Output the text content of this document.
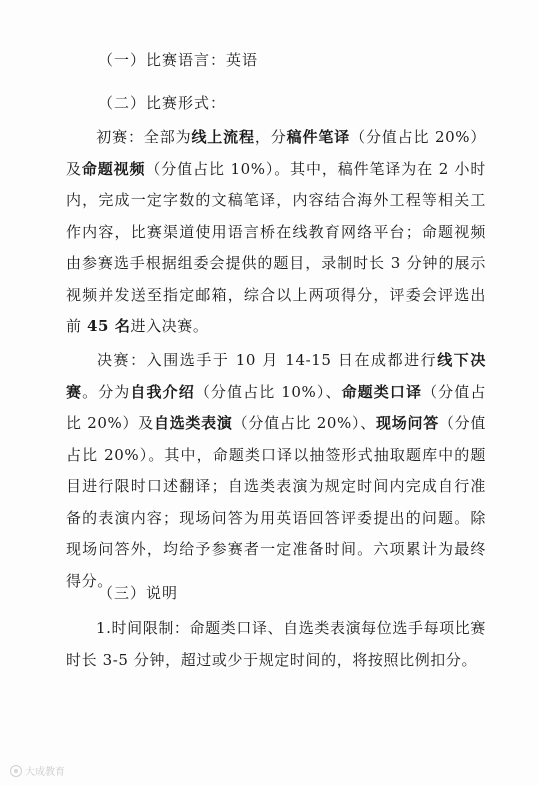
（一）比赛语言：英语
（二）比赛形式：

初赛：全部为线上流程，分稿件笔译（分值占比 20%）及命题视频（分值占比 10%）。其中，稿件笔译为在 2 小时内，完成一定字数的文稿笔译，内容结合海外工程等相关工作内容，比赛渠道使用语言桥在线教育网络平台；命题视频由参赛选手根据组委会提供的题目，录制时长 3 分钟的展示视频并发送至指定邮箱，综合以上两项得分，评委会评选出前 45 名进入决赛。

决赛：入围选手于 10 月 14-15 日在成都进行线下决赛。分为自我介绍（分值占比 10%）、命题类口译（分值占比 20%）及自选类表演（分值占比 20%）、现场问答（分值占比 20%）。其中，命题类口译以抽签形式抽取题库中的题目进行限时口述翻译；自选类表演为规定时间内完成自行准备的表演内容；现场问答为用英语回答评委提出的问题。除现场问答外，均给予参赛者一定准备时间。六项累计为最终得分。

（三）说明

1.时间限制：命题类口译、自选类表演每位选手每项比赛时长 3-5 分钟，超过或少于规定时间的，将按照比例扣分。

大成教育
